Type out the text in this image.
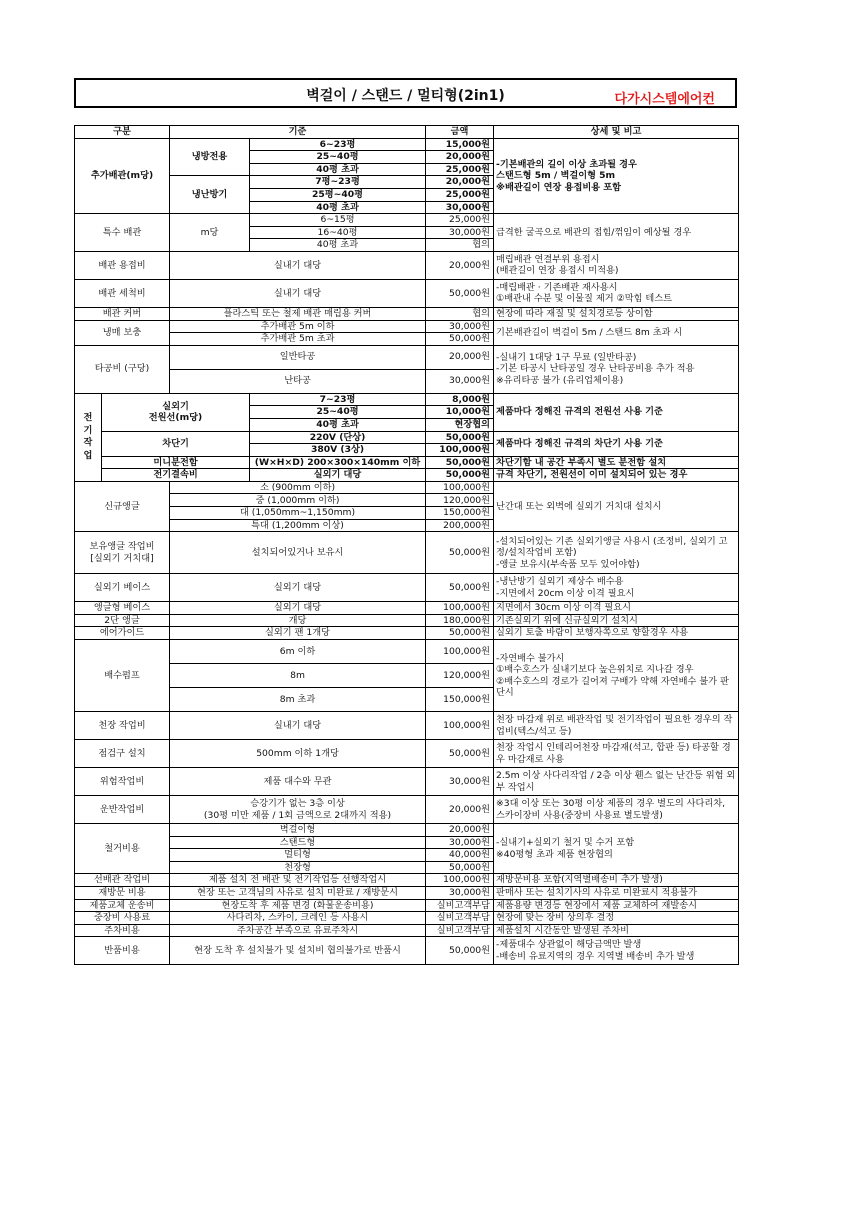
벽걸이 / 스탠드 / 멀티형(2in1)	다가시스템에어컨
구분		기준		금액	상세 및 비고
추가배관(m당)		냉방전용	6~23평	15,000원	-기본배관의 길이 이상 초과될 경우
스탠드형 5m / 벽걸이형 5m
※배관길이 연장 용접비용 포함
			25~40평	20,000원	
			40평 초과	25,000원	
		냉난방기	7평~23평	20,000원	
			25평~40평	25,000원	
			40평 초과	30,000원	
특수 배관		m당	6~15평	25,000원	급격한 굴곡으로 배관의 접힘/꺾임이 예상될 경우
			16~40평	30,000원	
			40평 초과	협의	
배관 용접비		실내기 대당		20,000원	매립배관 연결부위 용접시
(배관길이 연장 용접시 미적용)
배관 세척비		실내기 대당		50,000원	-매립배관 · 기존배관 재사용시
①배관내 수분 및 이물질 제거 ②막힘 테스트
배관 커버		플라스틱 또는 철제 배관 매립용 커버		협의	현장에 따라 재질 및 설치경로등 상이함
냉매 보충		추가배관 5m 이하		30,000원	기본배관길이 벽걸이 5m / 스탠드 8m 초과 시
		추가배관 5m 초과		50,000원	
타공비 (구당)		일반타공		20,000원	-실내기 1대당 1구 무료 (일반타공)
-기본 타공시 난타공일 경우 난타공비용 추가 적용
※유리타공 불가 (유리업체이용)
		난타공		30,000원	
전
기
작
업	실외기
전원선(m당)		7~23평	8,000원	제품마다 정해진 규격의 전원선 사용 기준
			25~40평	10,000원	
			40평 초과	현장협의	
	차단기		220V (단상)	50,000원	제품마다 정해진 규격의 차단기 사용 기준
			380V (3상)	100,000원	
	미니분전함		(W×H×D) 200×300×140mm 이하	50,000원	차단기함 내 공간 부족시 별도 분전함 설치
	전기결속비		실외기 대당	50,000원	규격 차단기, 전원선이 이미 설치되어 있는 경우
신규앵글		소 (900mm 이하)		100,000원	난간대 또는 외벽에 실외기 거치대 설치시
		중 (1,000mm 이하)		120,000원	
		대 (1,050mm~1,150mm)		150,000원	
		특대 (1,200mm 이상)		200,000원	
보유앵글 작업비
[실외기 거치대]		설치되어있거나 보유시		50,000원	-설치되어있는 기존 실외기앵글 사용시 (조정비, 실외기 고정/설치작업비 포함)
-앵글 보유시(부속품 모두 있어야함)
실외기 베이스		실외기 대당		50,000원	-냉난방기 실외기 제상수 배수용
-지면에서 20cm 이상 이격 필요시
앵글형 베이스		실외기 대당		100,000원	지면에서 30cm 이상 이격 필요시
2단 앵글		개당		180,000원	기존실외기 위에 신규실외기 설치시
에어가이드		실외기 팬 1개당		50,000원	실외기 토출 바람이 보행자쪽으로 향할경우 사용
배수펌프		6m 이하		100,000원	-자연배수 불가시
①배수호스가 실내기보다 높은위치로 지나갈 경우
②배수호스의 경로가 길어져 구배가 약해 자연배수 불가 판단시
		8m		120,000원	
		8m 초과		150,000원	
천장 작업비		실내기 대당		100,000원	천장 마감재 위로 배관작업 및 전기작업이 필요한 경우의 작업비(텍스/석고 등)
점검구 설치		500mm 이하 1개당		50,000원	천장 작업시 인테리어천장 마감재(석고, 합판 등) 타공할 경우 마감재로 사용
위험작업비		제품 대수와 무관		30,000원	2.5m 이상 사다리작업 / 2층 이상 휀스 없는 난간등 위험 외부 작업시
운반작업비		승강기가 없는 3층 이상
(30평 미만 제품 / 1회 금액으로 2대까지 적용)		20,000원	※3대 이상 또는 30평 이상 제품의 경우 별도의 사다리차, 스카이장비 사용(중장비 사용료 별도발생)
철거비용		벽걸이형		20,000원	-실내기+실외기 철거 및 수거 포함
※40평형 초과 제품 현장협의
		스탠드형		30,000원	
		멀티형		40,000원	
		천장형		50,000원	
선배관 작업비		제품 설치 전 배관 및 전기작업등 선행작업시		100,000원	재방문비용 포함(지역별배송비 추가 발생)
재방문 비용		현장 또는 고객님의 사유로 설치 미완료 / 재방문시		30,000원	판매사 또는 설치기사의 사유로 미완료시 적용불가
제품교체 운송비		현장도착 후 제품 변경 (화물운송비용)		실비고객부담	제품용량 변경등 현장에서 제품 교체하여 재발송시
중장비 사용료		사다리차, 스카이, 크레인 등 사용시		실비고객부담	현장에 맞는 장비 상의후 결정
주차비용		주차공간 부족으로 유료주차시		실비고객부담	제품설치 시간동안 발생된 주차비
반품비용		현장 도착 후 설치불가 및 설치비 협의불가로 반품시		50,000원	-제품대수 상관없이 해당금액만 발생
-배송비 유료지역의 경우 지역별 배송비 추가 발생
